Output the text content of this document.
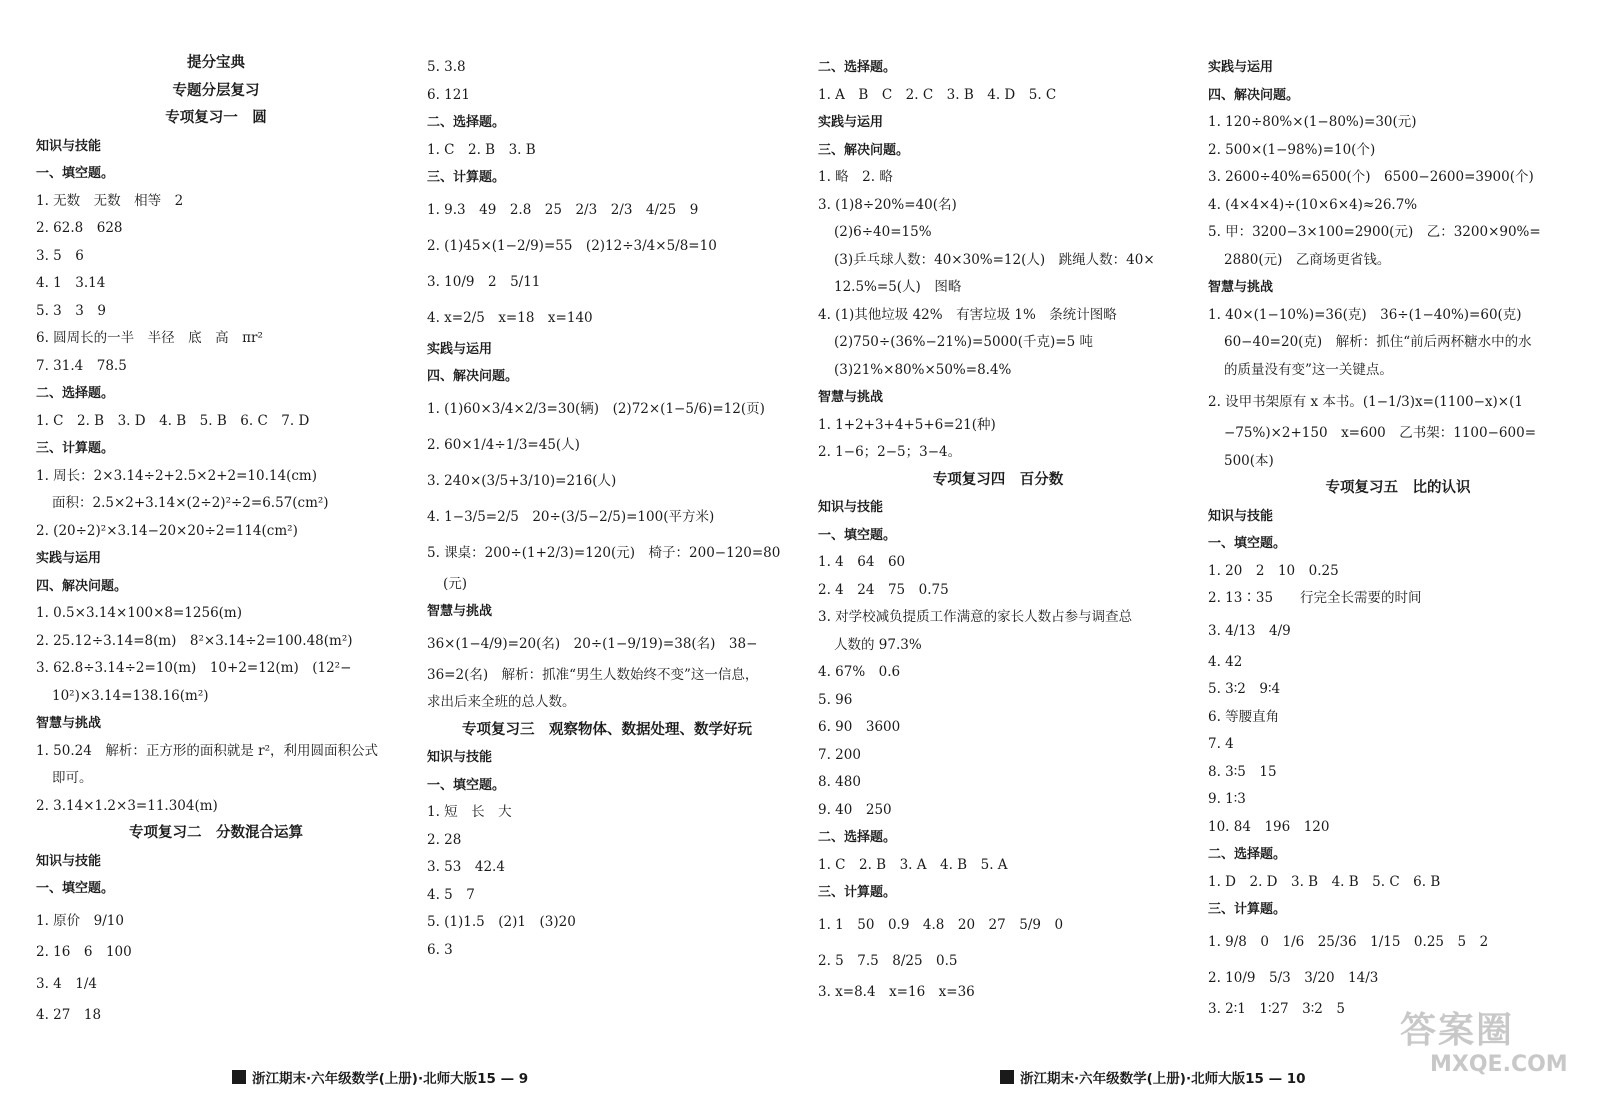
提分宝典
专题分层复习
专项复习一　圆
知识与技能
一、填空题。
1. 无数　无数　相等　2
2. 62.8　628
3. 5　6
4. 1　3.14
5. 3　3　9
6. 圆周长的一半　半径　底　高　πr²
7. 31.4　78.5
二、选择题。
1. C　2. B　3. D　4. B　5. B　6. C　7. D
三、计算题。
1. 周长：2×3.14÷2+2.5×2+2=10.14(cm)
面积：2.5×2+3.14×(2÷2)²÷2=6.57(cm²)
2. (20÷2)²×3.14−20×20÷2=114(cm²)
实践与运用
四、解决问题。
1. 0.5×3.14×100×8=1256(m)
2. 25.12÷3.14=8(m)　8²×3.14÷2=100.48(m²)
3. 62.8÷3.14÷2=10(m)　10+2=12(m)　(12²−
10²)×3.14=138.16(m²)
智慧与挑战
1. 50.24　解析：正方形的面积就是 r²，利用圆面积公式
即可。
2. 3.14×1.2×3=11.304(m)
专项复习二　分数混合运算
知识与技能
一、填空题。
1. 原价　9/10
2. 16　6　100
3. 4　1/4
4. 27　18
5. 3.8
6. 121
二、选择题。
1. C　2. B　3. B
三、计算题。
1. 9.3　49　2.8　25　2/3　2/3　4/25　9
2. (1)45×(1−2/9)=55　(2)12÷3/4×5/8=10
3. 10/9　2　5/11
4. x=2/5　x=18　x=140
实践与运用
四、解决问题。
1. (1)60×3/4×2/3=30(辆)　(2)72×(1−5/6)=12(页)
2. 60×1/4÷1/3=45(人)
3. 240×(3/5+3/10)=216(人)
4. 1−3/5=2/5　20÷(3/5−2/5)=100(平方米)
5. 课桌：200÷(1+2/3)=120(元)　椅子：200−120=80
(元)
智慧与挑战
36×(1−4/9)=20(名)　20÷(1−9/19)=38(名)　38−
36=2(名)　解析：抓准“男生人数始终不变”这一信息，
求出后来全班的总人数。
专项复习三　观察物体、数据处理、数学好玩
知识与技能
一、填空题。
1. 短　长　大
2. 28
3. 53　42.4
4. 5　7
5. (1)1.5　(2)1　(3)20
6. 3
二、选择题。
1. A　B　C　2. C　3. B　4. D　5. C
实践与运用
三、解决问题。
1. 略　2. 略
3. (1)8÷20%=40(名)
(2)6÷40=15%
(3)乒乓球人数：40×30%=12(人)　跳绳人数：40×
12.5%=5(人)　图略
4. (1)其他垃圾 42%　有害垃圾 1%　条统计图略
(2)750÷(36%−21%)=5000(千克)=5 吨
(3)21%×80%×50%=8.4%
智慧与挑战
1. 1+2+3+4+5+6=21(种)
2. 1−6；2−5；3−4。
专项复习四　百分数
知识与技能
一、填空题。
1. 4　64　60
2. 4　24　75　0.75
3. 对学校减负提质工作满意的家长人数占参与调查总
人数的 97.3%
4. 67%　0.6
5. 96
6. 90　3600
7. 200
8. 480
9. 40　250
二、选择题。
1. C　2. B　3. A　4. B　5. A
三、计算题。
1. 1　50　0.9　4.8　20　27　5/9　0
2. 5　7.5　8/25　0.5
3. x=8.4　x=16　x=36
实践与运用
四、解决问题。
1. 120÷80%×(1−80%)=30(元)
2. 500×(1−98%)=10(个)
3. 2600÷40%=6500(个)　6500−2600=3900(个)
4. (4×4×4)÷(10×6×4)≈26.7%
5. 甲：3200−3×100=2900(元)　乙：3200×90%=
2880(元)　乙商场更省钱。
智慧与挑战
1. 40×(1−10%)=36(克)　36÷(1−40%)=60(克)
60−40=20(克)　解析：抓住“前后两杯糖水中的水
的质量没有变”这一关键点。
2. 设甲书架原有 x 本书。(1−1/3)x=(1100−x)×(1
−75%)×2+150　x=600　乙书架：1100−600=
500(本)
专项复习五　比的认识
知识与技能
一、填空题。
1. 20　2　10　0.25
2. 13∶35　　行完全长需要的时间
3. 4/13　4/9
4. 42
5. 3∶2　9∶4
6. 等腰直角
7. 4
8. 3∶5　15
9. 1∶3
10. 84　196　120
二、选择题。
1. D　2. D　3. B　4. B　5. C　6. B
三、计算题。
1. 9/8　0　1/6　25/36　1/15　0.25　5　2
2. 10/9　5/3　3/20　14/3
3. 2∶1　1∶27　3∶2　5
浙江期末·六年级数学(上册)·北师大版15 — 9	浙江期末·六年级数学(上册)·北师大版15 — 10
答案圈
MXQE.COM
